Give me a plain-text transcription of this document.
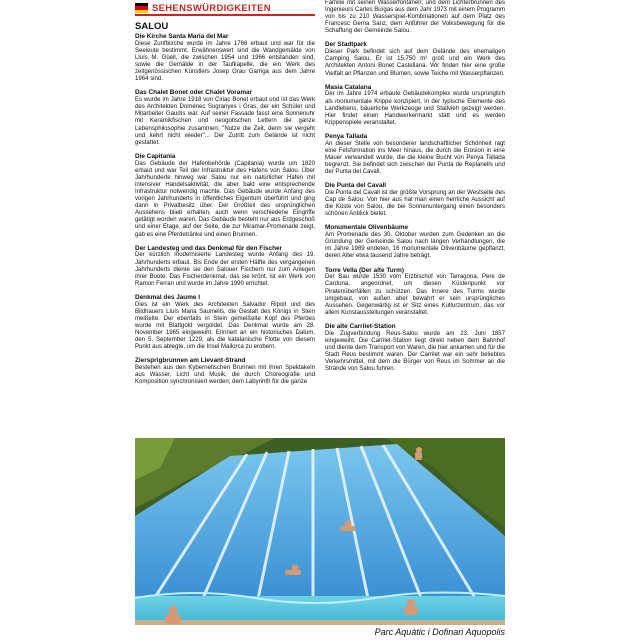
SEHENSWÜRDIGKEITEN
SALOU
Die Kirche Santa Maria del Mar

Diese Zunftkirche wurde im Jahre 1766 erbaut und war für die Seeleute bestimmt. Erwähnenswert sind die Wandgemälde von Lluís M. Güell, die zwischen 1954 und 1966 entstanden sind, sowie die Gemälde in der Taufkapelle, die ein Werk des zeitgenössischen Künstlers Josep Grau Garriga aus dem Jahre 1964 sind.

Das Chalet Bonet oder Chalet Voramar

Es wurde im Jahre 1918 von Ciriac Bonet erbaut und ist das Werk des Architekten Domènec Sugranyes i Gras, der ein Schüler und Mitarbeiter Gaudís war. Auf seiner Fassade fasst eine Sonnenuhr mit Keramikfischen und neogotischen Lettern die ganze Lebensphilosophie zusammen: "Nutze die Zeit, denn sie vergeht und kehrt nicht wieder"... Der Zutritt zum Gelände ist nicht gestattet.

Die Capitania

Das Gebäude der Hafenbehörde (Capitania) wurde um 1820 erbaut und war Teil der Infrastruktur des Hafens von Salou. Über Jahrhunderte hinweg war Salou nur ein natürlicher Hafen mit intensiver Handelsaktivität, die aber bald eine entsprechende Infrastruktur notwendig machte. Das Gebäude wurde Anfang des vorigen Jahrhunderts in öffentliches Eigentum überführt und ging dann in Privatbesitz über. Der Großteil des ursprünglichen Aussehens blieb erhalten, auch wenn verschiedene Eingriffe getätigt worden waren. Das Gebäude besteht nur aus Erdgeschoß und einer Etage, auf der Seite, die zur Miramar-Promenade zeigt, gab es eine Pferdetränke und einen Brunnen.

Der Landesteg und das Denkmal für den Fischer

Der kürzlich modernisierte Landesteg wurde Anfang des 19. Jahrhunderts erbaut. Bis Ende der ersten Hälfte des vergangenen Jahrhunderts diente sie den Salouer Fischern nur zum Anlegen ihrer Boote. Das Fischerdenkmal, das sie krönt, ist ein Werk von Ramon Ferran und wurde im Jahre 1990 errichtet.

Denkmal des Jaume I

Dies ist ein Werk des Architekten Salvador Ripoll und des Bildhauers Lluís Maria Saumells, die Gestalt des Königs in Stein meißelte. Der ebenfalls in Stein gemeißelte Kopf des Pferdes wurde mit Blattgold vergoldet. Das Denkmal wurde am 28. November 1965 eingeweiht. Erinnert an ein historisches Datum, den 5. September 1229, als die katalanische Flotte von diesem Punkt aus ablegte, um die Insel Mallorca zu erobern.

Ziersprigbrunnen am Llevant-Strand

Bestehen aus den Kybernetischen Brunnen mit ihren Spektakeln aus Wasser, Licht und Musik, die durch Choreografie und Komposition synchronisiert werden; dem Labyrinth für die ganze

Familie mit seinen Wasserfontänen; und dem Lichterbrunnen des Ingenieurs Carles Buïgas aus dem Jahr 1973 mit einem Programm von bis zu 210 Wasserspiel-Kombinationen auf dem Platz des Francesc Gerna Sanz, dem Anführer der Volksbewegung für die Schaffung der Gemeinde Salou.

Der Stadtpark

Dieser Park befindet sich auf dem Gelände des ehemaligen Camping Salou. Er ist 15.750 m² groß und ein Werk des Architekten Antoni Bonet Castellana. Wir finden hier eine große Vielfalt an Pflanzen und Blumen, sowie Teiche mit Wasserpflanzen.

Masia Catalana

Der im Jahre 1974 erbaute Gebäudekomplex wurde ursprünglich als monumentale Krippe konzipiert, in der typische Elemente des Landlebens, bäuerliche Werkzeuge und Stallvieh gezeigt werden. Hier findet einen Handwerkermarkt statt und es werden Krippenspiele veranstaltet.

Penya Tallada

An dieser Stelle von besonderer landschaftlicher Schönheit ragt eine Felsformation ins Meer hinaus, die durch die Erosion in eine Mauer verwandelt wurde, die die kleine Bucht von Penya Tallada begrenzt. Sie befindet sich zwischen der Punta de Replanells und der Punta del Cavall.

Die Punta del Cavall

Die Punta del Cavall ist der größte Vorsprung an der Westseite des Cap de Salou. Von hier aus hat man einen herrliche Aussicht auf die Küste von Salou, die bei Sonnenuntergang einen besonders schönen Anblick bietet.

Monumentale Olivenbäume

Am Promenade des 30. Oktober wurden zum Gedenken an die Gründung der Gemeinde Salou nach langen Verhandlungen, die im Jahre 1989 endeten, 16 monumentale Olivenbäume gepflanzt, deren Alter etwa tausend Jahre beträgt.

Torre Vella (Der alte Turm)

Der Bau wurde 1530 vom Erzbischof von Tarragona, Pere de Cardona, angeordnet, um diesen Küstenpunkt vor Piratenüberfällen zu schützen. Das Innere des Turms wurde umgebaut, von außen aber bewahrt er sein ursprüngliches Aussehen. Gegenwärtig ist er Sitz eines Kulturzentrum, das vor allem Kunstausstellungen veranstaltet.

Die alte Carrilet-Station

Die Zugverbindung Reus-Salou wurde am 23. Juni 1857 eingeweiht. Die Carrilet-Station liegt direkt neben dem Bahnhof und diente dem Transport von Waren, die hier ankamen und für die Stadt Reus bestimmt waren. Der Carrilet war ein sehr beliebtes Verkehrsmittel, mit dem die Bürger von Reus im Sommer an die Strände von Salou fuhren.

Parc Aquàtic i Dofinari Aquopolis
